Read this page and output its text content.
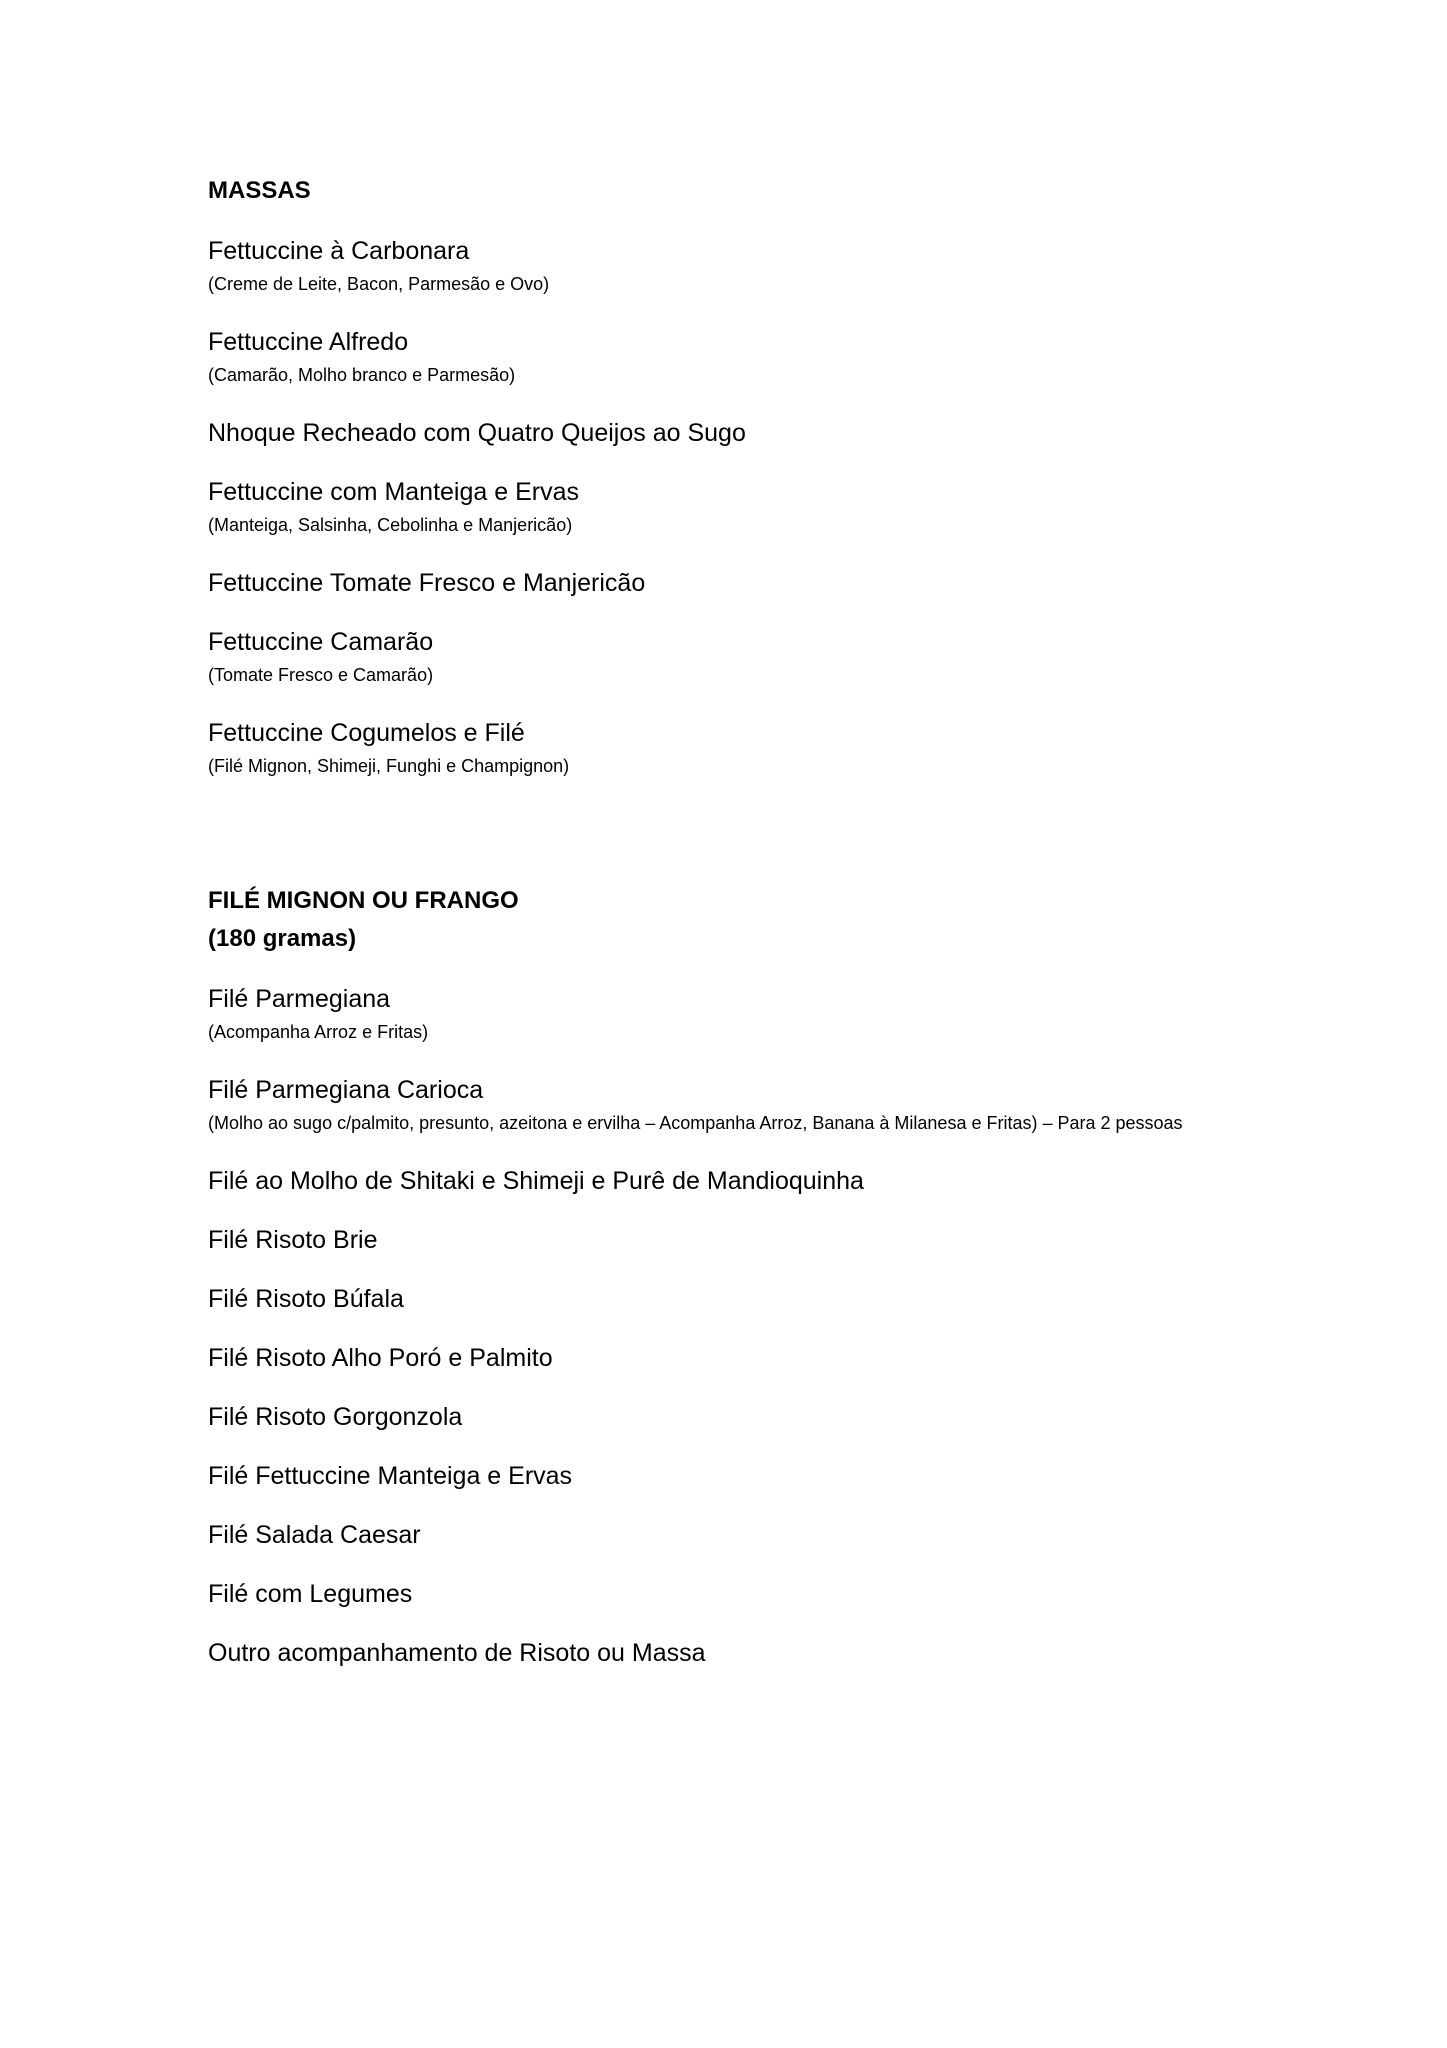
MASSAS

Fettuccine à Carbonara

(Creme de Leite, Bacon, Parmesão e Ovo)

Fettuccine Alfredo

(Camarão, Molho branco e Parmesão)

Nhoque Recheado com Quatro Queijos ao Sugo

Fettuccine com Manteiga e Ervas

(Manteiga, Salsinha, Cebolinha e Manjericão)

Fettuccine Tomate Fresco e Manjericão

Fettuccine Camarão

(Tomate Fresco e Camarão)

Fettuccine Cogumelos e Filé

(Filé Mignon, Shimeji, Funghi e Champignon)

FILÉ MIGNON OU FRANGO

(180 gramas)

Filé Parmegiana

(Acompanha Arroz e Fritas)

Filé Parmegiana Carioca

(Molho ao sugo c/palmito, presunto, azeitona e ervilha – Acompanha Arroz, Banana à Milanesa e Fritas) – Para 2 pessoas

Filé ao Molho de Shitaki e Shimeji e Purê de Mandioquinha

Filé Risoto Brie

Filé Risoto Búfala

Filé Risoto Alho Poró e Palmito

Filé Risoto Gorgonzola

Filé Fettuccine Manteiga e Ervas

Filé Salada Caesar

Filé com Legumes

Outro acompanhamento de Risoto ou Massa
